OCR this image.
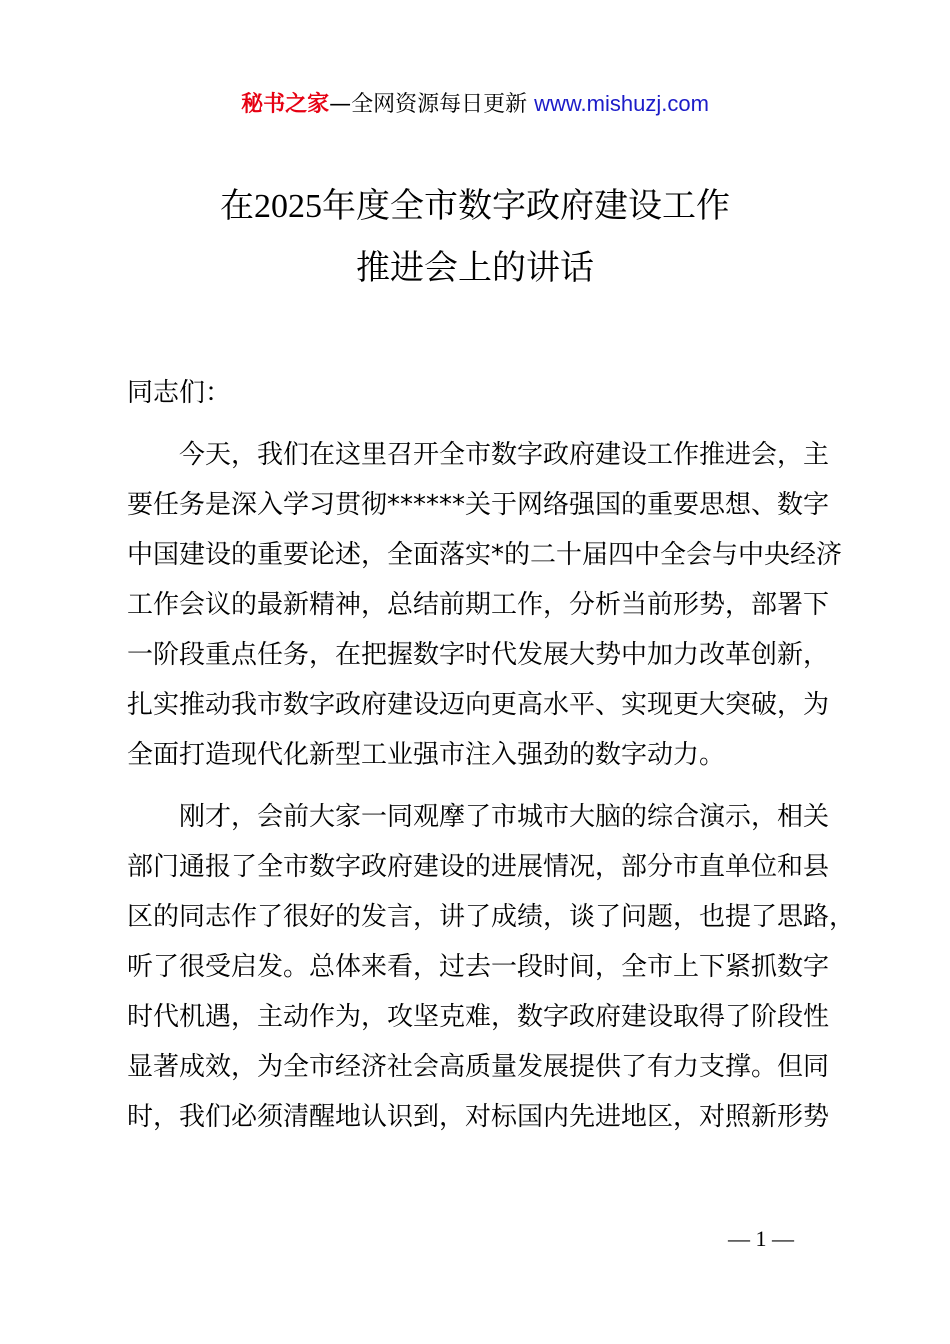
秘书之家—全网资源每日更新 www.mishuzj.com
在2025年度全市数字政府建设工作
推进会上的讲话
同志们：
今天，我们在这里召开全市数字政府建设工作推进会，主
要任务是深入学习贯彻******关于网络强国的重要思想、数字
中国建设的重要论述，全面落实*的二十届四中全会与中央经济
工作会议的最新精神，总结前期工作，分析当前形势，部署下
一阶段重点任务，在把握数字时代发展大势中加力改革创新，
扎实推动我市数字政府建设迈向更高水平、实现更大突破，为
全面打造现代化新型工业强市注入强劲的数字动力。
刚才，会前大家一同观摩了市城市大脑的综合演示，相关
部门通报了全市数字政府建设的进展情况，部分市直单位和县
区的同志作了很好的发言，讲了成绩，谈了问题，也提了思路，
听了很受启发。总体来看，过去一段时间，全市上下紧抓数字
时代机遇，主动作为，攻坚克难，数字政府建设取得了阶段性
显著成效，为全市经济社会高质量发展提供了有力支撑。但同
时，我们必须清醒地认识到，对标国内先进地区，对照新形势
— 1 —
